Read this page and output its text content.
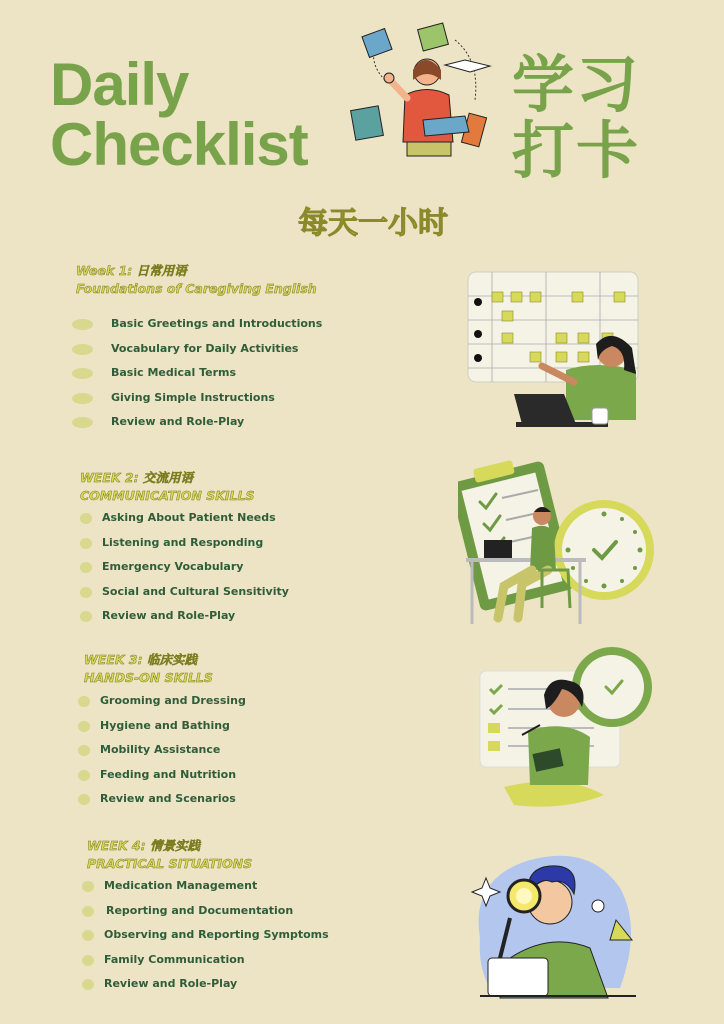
Daily
Checklist
学习
打卡
每天一小时
Week 1: 日常用语
Foundations of Caregiving English
Basic Greetings and Introductions
Vocabulary for Daily Activities
Basic Medical Terms
Giving Simple Instructions
Review and Role-Play
WEEK 2: 交流用语
COMMUNICATION SKILLS
Asking About Patient Needs
Listening and Responding
Emergency Vocabulary
Social and Cultural Sensitivity
Review and Role-Play
WEEK 3: 临床实践
HANDS-ON SKILLS
Grooming and Dressing
Hygiene and Bathing
Mobility Assistance
Feeding and Nutrition
Review and Scenarios
WEEK 4: 情景实践
PRACTICAL SITUATIONS
Medication Management
Reporting and Documentation
Observing and Reporting Symptoms
Family Communication
Review and Role-Play
